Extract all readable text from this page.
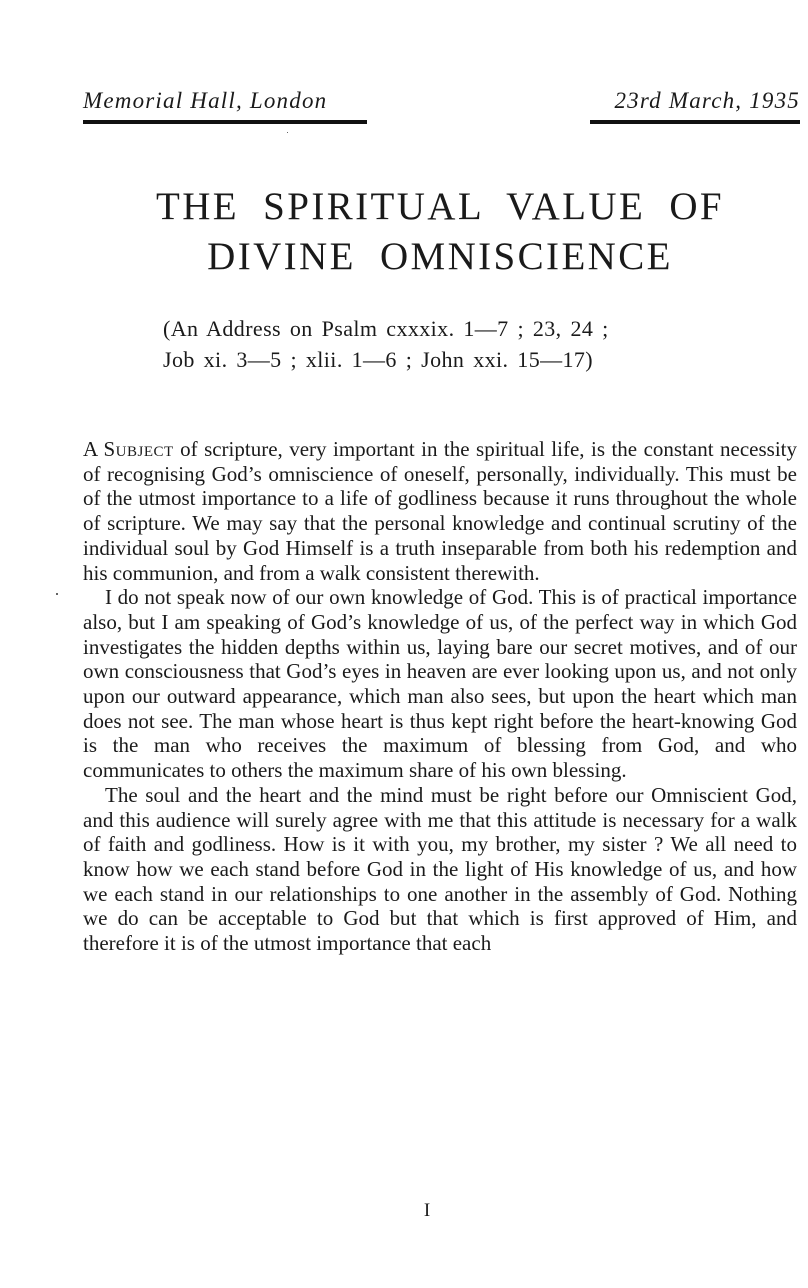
Memorial Hall, London	23rd March, 1935
THE SPIRITUAL VALUE OF
DIVINE OMNISCIENCE
(An Address on Psalm cxxxix. 1—7 ; 23, 24 ;
Job xi. 3—5 ; xlii. 1—6 ; John xxi. 15—17)

A Subject of scripture, very important in the spiritual life, is the constant necessity of recognising God’s omniscience of oneself, personally, individually. This must be of the utmost importance to a life of godliness because it runs throughout the whole of scripture. We may say that the personal knowledge and continual scrutiny of the individual soul by God Himself is a truth inseparable from both his redemption and his communion, and from a walk consistent therewith.

I do not speak now of our own knowledge of God. This is of practical importance also, but I am speaking of God’s knowledge of us, of the perfect way in which God investigates the hidden depths within us, laying bare our secret motives, and of our own consciousness that God’s eyes in heaven are ever looking upon us, and not only upon our outward appearance, which man also sees, but upon the heart which man does not see. The man whose heart is thus kept right before the heart-knowing God is the man who receives the maximum of blessing from God, and who communicates to others the maximum share of his own blessing.

The soul and the heart and the mind must be right before our Omniscient God, and this audience will surely agree with me that this attitude is necessary for a walk of faith and godliness. How is it with you, my brother, my sister ? We all need to know how we each stand before God in the light of His knowledge of us, and how we each stand in our relationships to one another in the assembly of God. Nothing we do can be acceptable to God but that which is first approved of Him, and therefore it is of the utmost importance that each

I
